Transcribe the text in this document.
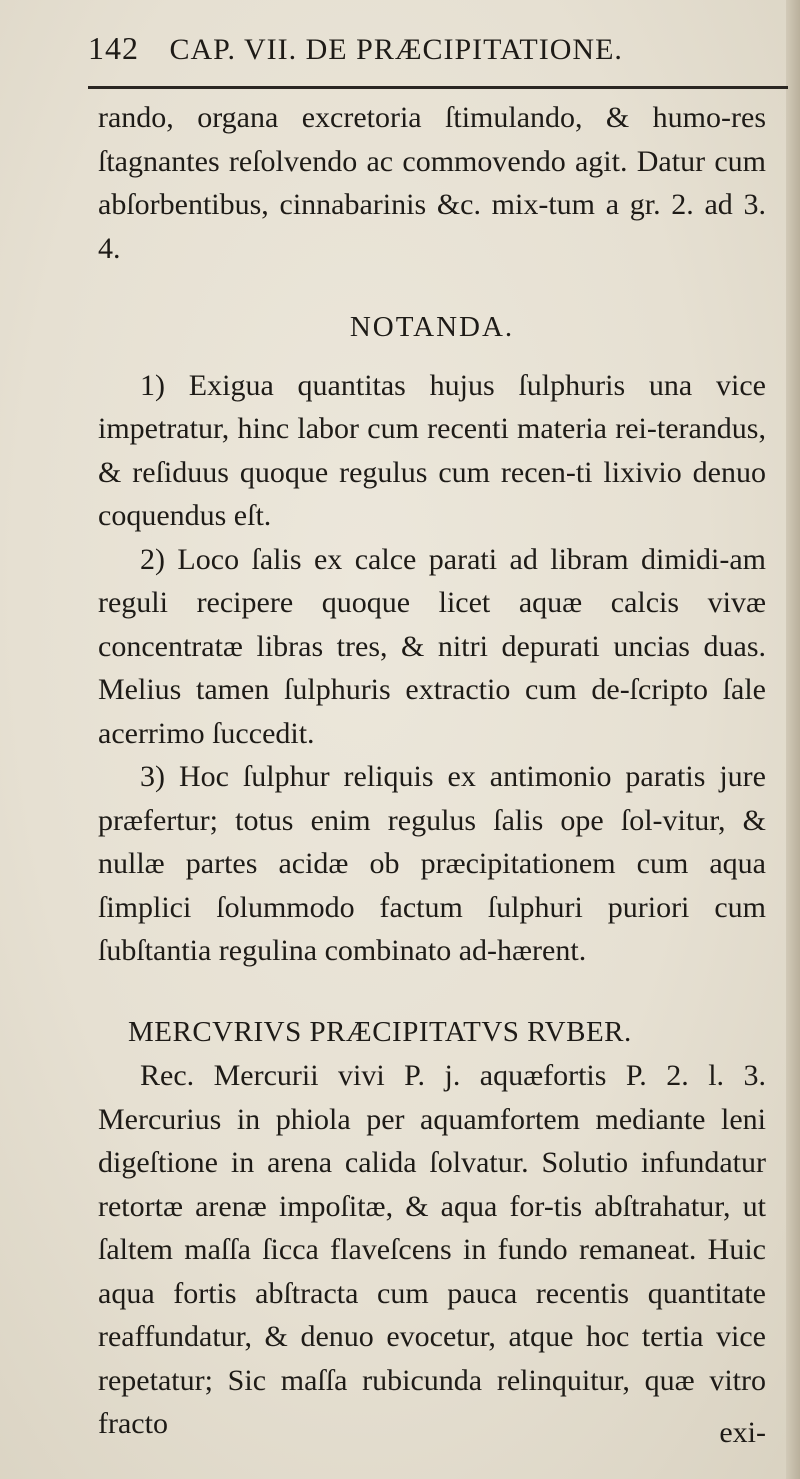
142 CAP. VII. DE PRÆCIPITATIONE.

rando, organa excretoria ſtimulando, & humo-res ſtagnantes reſolvendo ac commovendo agit. Datur cum abſorbentibus, cinnabarinis &c. mix-tum a gr. 2. ad 3. 4.

NOTANDA.

1) Exigua quantitas hujus ſulphuris una vice impetratur, hinc labor cum recenti materia rei-terandus, & reſiduus quoque regulus cum recen-ti lixivio denuo coquendus eſt.

2) Loco ſalis ex calce parati ad libram dimidi-am reguli recipere quoque licet aquæ calcis vivæ concentratæ libras tres, & nitri depurati uncias duas. Melius tamen ſulphuris extractio cum de-ſcripto ſale acerrimo ſuccedit.

3) Hoc ſulphur reliquis ex antimonio paratis jure præfertur; totus enim regulus ſalis ope ſol-vitur, & nullæ partes acidæ ob præcipitationem cum aqua ſimplici ſolummodo factum ſulphuri puriori cum ſubſtantia regulina combinato ad-hærent.

MERCVRIVS PRÆCIPITATVS RVBER.

Rec. Mercurii vivi P. j. aquæfortis P. 2. l. 3. Mercurius in phiola per aquamfortem mediante leni digeſtione in arena calida ſolvatur. Solutio infundatur retortæ arenæ impoſitæ, & aqua for-tis abſtrahatur, ut ſaltem maſſa ſicca flaveſcens in fundo remaneat. Huic aqua fortis abſtracta cum pauca recentis quantitate reaffundatur, & denuo evocetur, atque hoc tertia vice repetatur; Sic maſſa rubicunda relinquitur, quæ vitro fracto	exi-
